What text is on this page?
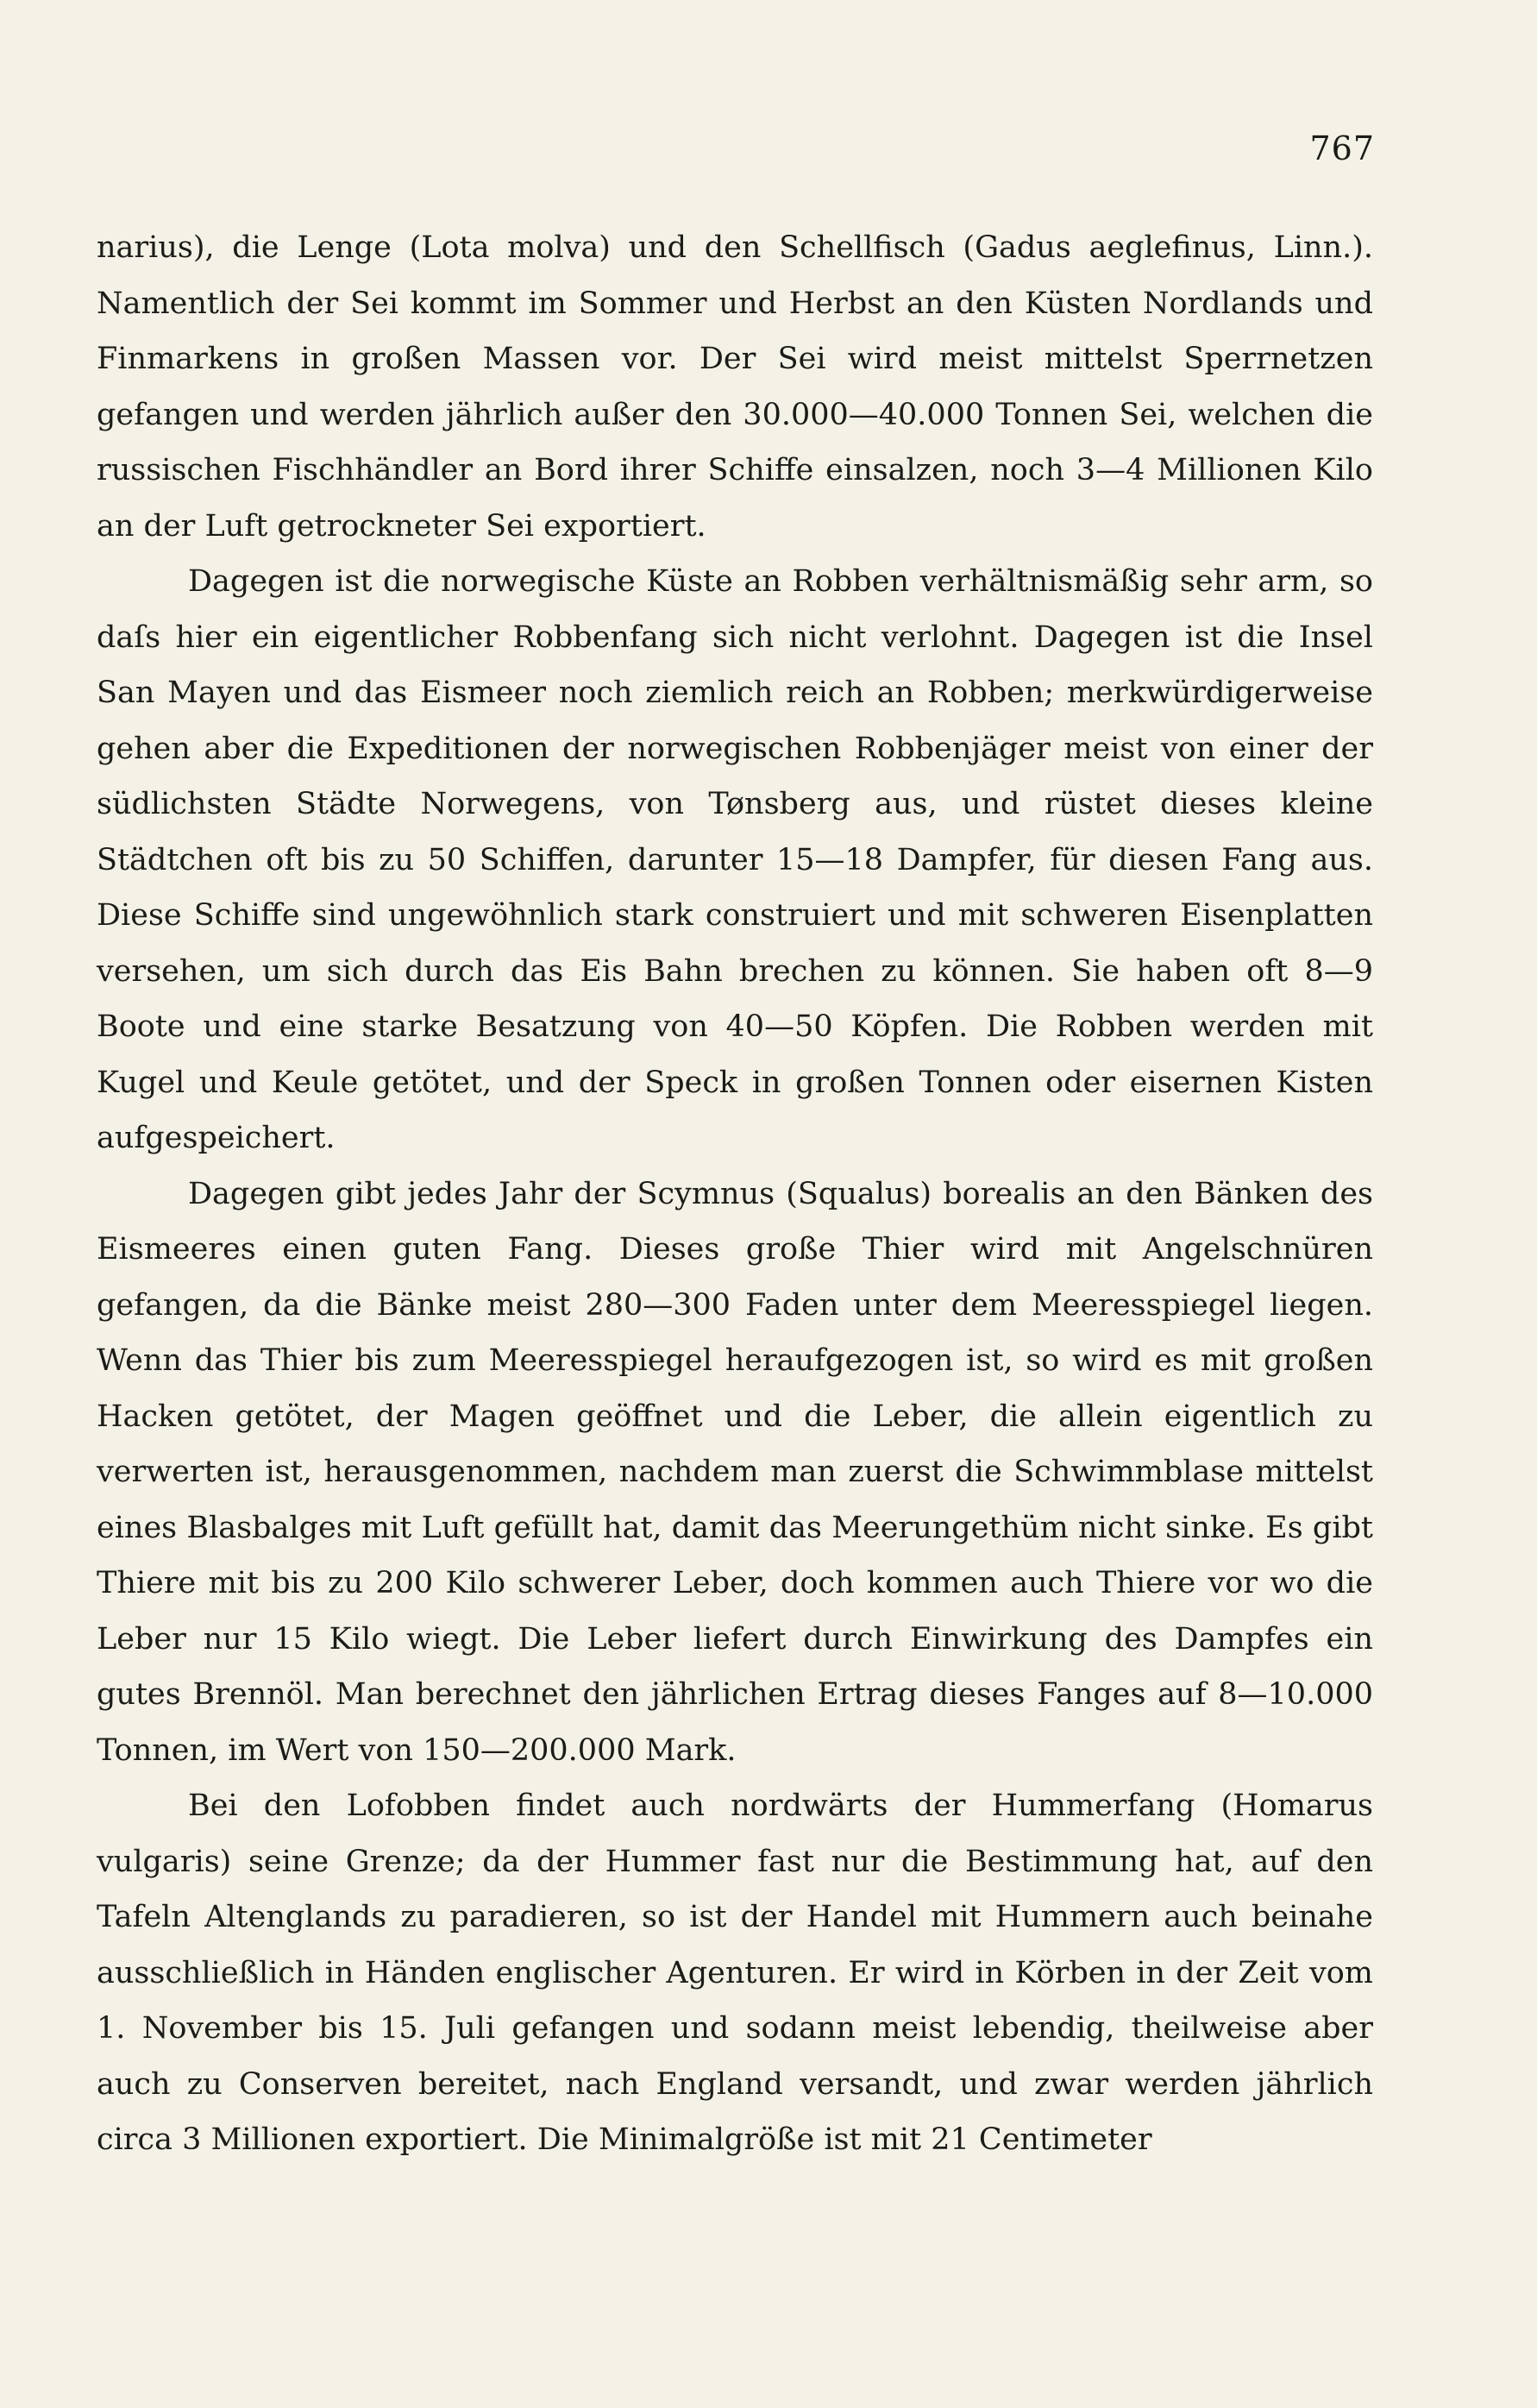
767

narius), die Lenge (Lota molva) und den Schellfisch (Gadus aeglefinus, Linn.). Namentlich der Sei kommt im Sommer und Herbst an den Küsten Nordlands und Finmarkens in großen Massen vor. Der Sei wird meist mittelst Sperrnetzen gefangen und werden jährlich außer den 30.000—40.000 Tonnen Sei, welchen die russischen Fischhändler an Bord ihrer Schiffe einsalzen, noch 3—4 Millionen Kilo an der Luft getrockneter Sei exportiert.

Dagegen ist die norwegische Küste an Robben verhältnismäßig sehr arm, so daſs hier ein eigentlicher Robbenfang sich nicht verlohnt. Dagegen ist die Insel San Mayen und das Eismeer noch ziemlich reich an Robben; merkwürdigerweise gehen aber die Expeditionen der norwegischen Robbenjäger meist von einer der südlichsten Städte Norwegens, von Tønsberg aus, und rüstet dieses kleine Städtchen oft bis zu 50 Schiffen, darunter 15—18 Dampfer, für diesen Fang aus. Diese Schiffe sind ungewöhnlich stark construiert und mit schweren Eisenplatten versehen, um sich durch das Eis Bahn brechen zu können. Sie haben oft 8—9 Boote und eine starke Besatzung von 40—50 Köpfen. Die Robben werden mit Kugel und Keule getötet, und der Speck in großen Tonnen oder eisernen Kisten aufgespeichert.

Dagegen gibt jedes Jahr der Scymnus (Squalus) borealis an den Bänken des Eismeeres einen guten Fang. Dieses große Thier wird mit Angelschnüren gefangen, da die Bänke meist 280—300 Faden unter dem Meeresspiegel liegen. Wenn das Thier bis zum Meeresspiegel heraufgezogen ist, so wird es mit großen Hacken getötet, der Magen geöffnet und die Leber, die allein eigentlich zu verwerten ist, herausgenommen, nachdem man zuerst die Schwimmblase mittelst eines Blasbalges mit Luft gefüllt hat, damit das Meerungethüm nicht sinke. Es gibt Thiere mit bis zu 200 Kilo schwerer Leber, doch kommen auch Thiere vor wo die Leber nur 15 Kilo wiegt. Die Leber liefert durch Einwirkung des Dampfes ein gutes Brennöl. Man berechnet den jährlichen Ertrag dieses Fanges auf 8—10.000 Tonnen, im Wert von 150—200.000 Mark.

Bei den Lofobben findet auch nordwärts der Hummerfang (Homarus vulgaris) seine Grenze; da der Hummer fast nur die Bestimmung hat, auf den Tafeln Altenglands zu paradieren, so ist der Handel mit Hummern auch beinahe ausschließlich in Händen englischer Agenturen. Er wird in Körben in der Zeit vom 1. November bis 15. Juli gefangen und sodann meist lebendig, theilweise aber auch zu Conserven bereitet, nach England versandt, und zwar werden jährlich circa 3 Millionen exportiert. Die Minimalgröße ist mit 21 Centimeter
